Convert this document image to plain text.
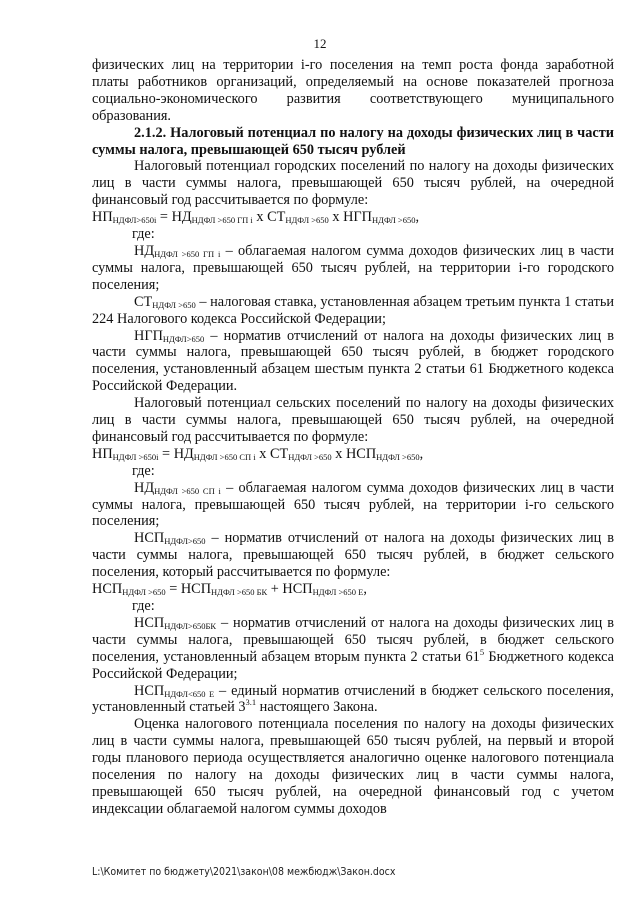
12

физических лиц на территории i-го поселения на темп роста фонда заработной платы работников организаций, определяемый на основе показателей прогноза социально-экономического развития соответствующего муниципального образования.

2.1.2. Налоговый потенциал по налогу на доходы физических лиц в части суммы налога, превышающей 650 тысяч рублей

Налоговый потенциал городских поселений по налогу на доходы физических лиц в части суммы налога, превышающей 650 тысяч рублей, на очередной финансовый год рассчитывается по формуле:

$НП_{НДФЛ>650i} = НД_{НДФЛ >650 ГП i}$ х $СТ_{НДФЛ >650}$ х $НГП_{НДФЛ >650}$,

где:

$НД_{НДФЛ >650 ГП i}$ – облагаемая налогом сумма доходов физических лиц в части суммы налога, превышающей 650 тысяч рублей, на территории i-го городского поселения;

$СТ_{НДФЛ >650}$ – налоговая ставка, установленная абзацем третьим пункта 1 статьи 224 Налогового кодекса Российской Федерации;

$НГП_{НДФЛ>650}$ – норматив отчислений от налога на доходы физических лиц в части суммы налога, превышающей 650 тысяч рублей, в бюджет городского поселения, установленный абзацем шестым пункта 2 статьи 61 Бюджетного кодекса Российской Федерации.

Налоговый потенциал сельских поселений по налогу на доходы физических лиц в части суммы налога, превышающей 650 тысяч рублей, на очередной финансовый год рассчитывается по формуле:

$НП_{НДФЛ >650i} = НД_{НДФЛ >650 СП i}$ х $СТ_{НДФЛ >650}$ х $НСП_{НДФЛ >650}$,

где:

$НД_{НДФЛ >650 СП i}$ – облагаемая налогом сумма доходов физических лиц в части суммы налога, превышающей 650 тысяч рублей, на территории i-го сельского поселения;

$НСП_{НДФЛ>650}$ – норматив отчислений от налога на доходы физических лиц в части суммы налога, превышающей 650 тысяч рублей, в бюджет сельского поселения, который рассчитывается по формуле:

$НСП_{НДФЛ >650} = НСП_{НДФЛ >650 БК} + НСП_{НДФЛ >650 Е}$,

где:

$НСП_{НДФЛ>650БК}$ – норматив отчислений от налога на доходы физических лиц в части суммы налога, превышающей 650 тысяч рублей, в бюджет сельского поселения, установленный абзацем вторым пункта 2 статьи $61^5$ Бюджетного кодекса Российской Федерации;

$НСП_{НДФЛ<650 Е}$ – единый норматив отчислений в бюджет сельского поселения, установленный статьей $3^{3.1}$ настоящего Закона.

Оценка налогового потенциала поселения по налогу на доходы физических лиц в части суммы налога, превышающей 650 тысяч рублей, на первый и второй годы планового периода осуществляется аналогично оценке налогового потенциала поселения по налогу на доходы физических лиц в части суммы налога, превышающей 650 тысяч рублей, на очередной финансовый год с учетом индексации облагаемой налогом суммы доходов

L:\Комитет по бюджету\2021\закон\08 межбюдж\Закон.docx
